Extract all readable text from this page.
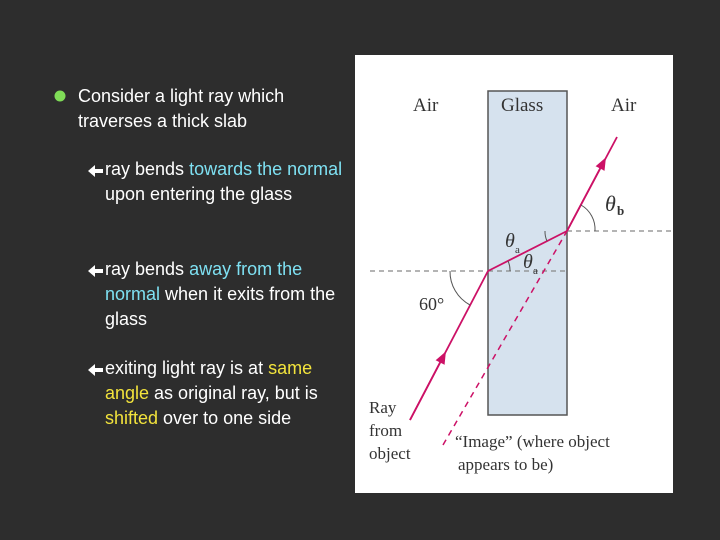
Consider a light ray which traverses a thick slab
ray bends towards the normal upon entering the glass
ray bends away from the normal when it exits from the glass
exiting light ray is at same angle as original ray, but is shifted over to one side
Air	Glass	Air
60°
θ b
θ a
θ a
Ray
from
object
“Image” (where object
appears to be)
